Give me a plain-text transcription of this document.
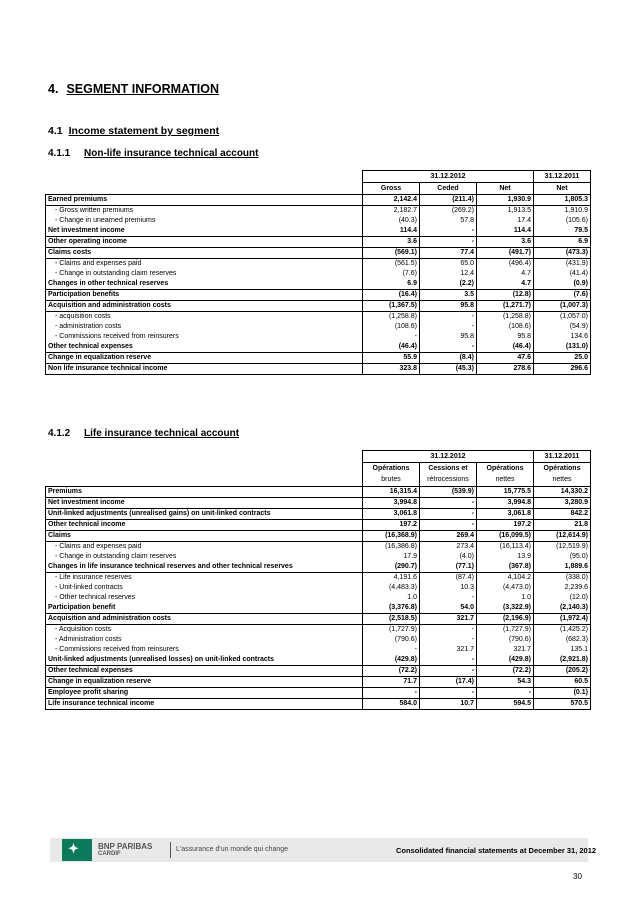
4. SEGMENT INFORMATION
4.1 Income statement by segment
4.1.1 Non-life insurance technical account
	31.12.2012			31.12.2011
	Gross	Ceded	Net	Net
Earned premiums	2,142.4	(211.4)	1,930.9	1,805.3
- Gross written premiums	2,182.7	(269.2)	1,913.5	1,910.9
- Change in unearned premiums	(40.3)	57.8	17.4	(105.6)
Net investment income	114.4	-	114.4	79.5
Other operating income	3.6	-	3.6	6.9
Claims costs	(569.1)	77.4	(491.7)	(473.3)
- Claims and expenses paid	(561.5)	65.0	(496.4)	(431.9)
- Change in outstanding claim reserves	(7.6)	12.4	4.7	(41.4)
Changes in other technical reserves	6.9	(2.2)	4.7	(0.9)
Participation benefits	(16.4)	3.5	(12.8)	(7.6)
Acquisition and administration costs	(1,367.5)	95.8	(1,271.7)	(1,007.3)
- acquisition costs	(1,258.8)	-	(1,258.8)	(1,057.0)
- administration costs	(108.6)	-	(108.6)	(54.9)
- Commissions received from reinsurers	-	95.8	95.8	134.6
Other technical expenses	(46.4)	-	(46.4)	(131.0)
Change in equalization reserve	55.9	(8.4)	47.6	25.0
Non life insurance technical income	323.8	(45.3)	278.6	296.6
4.1.2 Life insurance technical account
	31.12.2012			31.12.2011
	Opérations	Cessions et	Opérations	Opérations
	brutes	rétrocessions	nettes	nettes
Premiums	16,315.4	(539.9)	15,775.5	14,330.2
Net investment income	3,994.8	-	3,994.8	3,280.9
Unit-linked adjustments (unrealised gains) on unit-linked contracts	3,061.8	-	3,061.8	842.2
Other technical income	197.2	-	197.2	21.8
Claims	(16,368.9)	269.4	(16,099.5)	(12,614.9)
- Claims and expenses paid	(16,386.8)	273.4	(16,113.4)	(12,519.9)
- Change in outstanding claim reserves	17.9	(4.0)	13.9	(95.0)
Changes in life insurance technical reserves and other technical reserves	(290.7)	(77.1)	(367.8)	1,889.6
- Life insurance reserves	4,191.6	(87.4)	4,104.2	(338.0)
- Unit-linked contracts	(4,483.3)	10.3	(4,473.0)	2,239.6
- Other technical reserves	1.0	-	1.0	(12.0)
Participation benefit	(3,376.8)	54.0	(3,322.9)	(2,140.3)
Acquisition and administration costs	(2,518.5)	321.7	(2,196.9)	(1,972.4)
- Acquisition costs	(1,727.9)	-	(1,727.9)	(1,425.2)
- Administration costs	(790.6)	-	(790.6)	(682.3)
- Commissions received from reinsurers	-	321.7	321.7	135.1
Unit-linked adjustments (unrealised losses) on unit-linked contracts	(429.8)	-	(429.8)	(2,921.8)
Other technical expenses	(72.2)	-	(72.2)	(205.2)
Change in equalization reserve	71.7	(17.4)	54.3	60.5
Employee profit sharing	-	-	-	(0.1)
Life insurance technical income	584.0	10.7	594.5	570.5
✦ BNP PARIBAS
CARDIF
L'assurance d'un monde qui change	Consolidated financial statements at December 31, 2012
30
